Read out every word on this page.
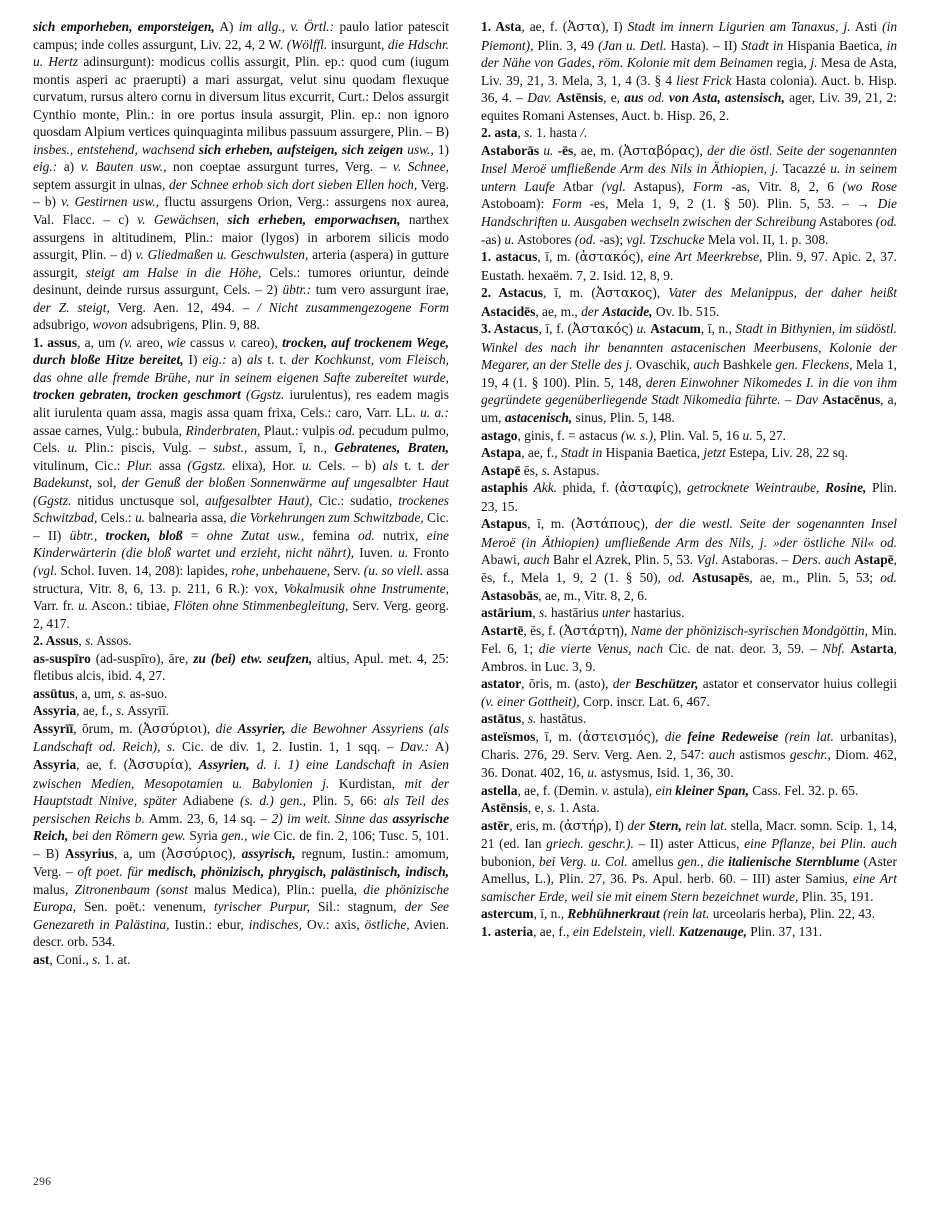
sich emporheben, emporsteigen, A) im allg., v. Örtl.: paulo latior patescit campus; inde colles assurgunt, Liv. 22, 4, 2 W. (Wölffl. insurgunt, die Hdschr. u. Hertz adinsurgunt): modicus collis assurgit, Plin. ep.: quod cum (iugum montis asperi ac praerupti) a mari assurgat, velut sinu quodam flexuque curvatum, rursus altero cornu in diversum litus excurrit, Curt.: Delos assurgit Cynthio monte, Plin.: in ore portus insula assurgit, Plin. ep.: non ignoro quosdam Alpium vertices quinquaginta milibus passuum assurgere, Plin. – B) insbes., entstehend, wachsend sich erheben, aufsteigen, sich zeigen usw., 1) eig.: a) v. Bauten usw., non coeptae assurgunt turres, Verg. – v. Schnee, septem assurgit in ulnas, der Schnee erhob sich dort sieben Ellen hoch, Verg. – b) v. Gestirnen usw., fluctu assurgens Orion, Verg.: assurgens nox aurea, Val. Flacc. – c) v. Gewächsen, sich erheben, emporwachsen, narthex assurgens in altitudinem, Plin.: maior (lygos) in arborem silicis modo assurgit, Plin. – d) v. Gliedmaßen u. Geschwulsten, arteria (aspera) in gutture assurgit, steigt am Halse in die Höhe, Cels.: tumores oriuntur, deinde desinunt, deinde rursus assurgunt, Cels. – 2) übtr.: tum vero assurgunt irae, der Z. steigt, Verg. Aen. 12, 494. – / Nicht zusammengezogene Form adsubrigo, wovon adsubrigens, Plin. 9, 88.

1. assus, a, um (v. areo, wie cassus v. careo), trocken, auf trockenem Wege, durch bloße Hitze bereitet, I) eig.: a) als t. t. der Kochkunst, vom Fleisch, das ohne alle fremde Brühe, nur in seinem eigenen Safte zubereitet wurde, trocken gebraten, trocken geschmort (Ggstz. iurulentus), res eadem magis alit iurulenta quam assa, magis assa quam frixa, Cels.: caro, Varr. LL. u. a.: assae carnes, Vulg.: bubula, Rinderbraten, Plaut.: vulpis od. pecudum pulmo, Cels. u. Plin.: piscis, Vulg. – subst., assum, ī, n., Gebratenes, Braten, vitulinum, Cic.: Plur. assa (Ggstz. elixa), Hor. u. Cels. – b) als t. t. der Badekunst, sol, der Genuß der bloßen Sonnenwärme auf ungesalbter Haut (Ggstz. nitidus unctusque sol, aufgesalbter Haut), Cic.: sudatio, trockenes Schwitzbad, Cels.: u. balnearia assa, die Vorkehrungen zum Schwitzbade, Cic. – II) übtr., trocken, bloß = ohne Zutat usw., femina od. nutrix, eine Kinderwärterin (die bloß wartet und erzieht, nicht nährt), Iuven. u. Fronto (vgl. Schol. Iuven. 14, 208): lapides, rohe, unbehauene, Serv. (u. so viell. assa structura, Vitr. 8, 6, 13. p. 211, 6 R.): vox, Vokalmusik ohne Instrumente, Varr. fr. u. Ascon.: tibiae, Flöten ohne Stimmenbegleitung, Serv. Verg. georg. 2, 417.

2. Assus, s. Assos.

as-suspīro (ad-suspīro), āre, zu (bei) etw. seufzen, altius, Apul. met. 4, 25: fletibus alcis, ibid. 4, 27.

assūtus, a, um, s. as-suo.

Assyria, ae, f., s. Assyrīī.

Assyrīī, ōrum, m. (Ἀσσύριοι), die Assyrier, die Bewohner Assyriens (als Landschaft od. Reich), s. Cic. de div. 1, 2. Iustin. 1, 1 sqq. – Dav.: A) Assyria, ae, f. (Ἀσσυρία), Assyrien, d. i. 1) eine Landschaft in Asien zwischen Medien, Mesopotamien u. Babylonien j. Kurdistan, mit der Hauptstadt Ninive, später Adiabene (s. d.) gen., Plin. 5, 66: als Teil des persischen Reichs b. Amm. 23, 6, 14 sq. – 2) im weit. Sinne das assyrische Reich, bei den Römern gew. Syria gen., wie Cic. de fin. 2, 106; Tusc. 5, 101. – B) Assyrius, a, um (Ἀσσύριος), assyrisch, regnum, Iustin.: amomum, Verg. – oft poet. für medisch, phönizisch, phrygisch, palästinisch, indisch, malus, Zitronenbaum (sonst malus Medica), Plin.: puella, die phönizische Europa, Sen. poët.: venenum, tyrischer Purpur, Sil.: stagnum, der See Genezareth in Palästina, Iustin.: ebur, indisches, Ov.: axis, östliche, Avien. descr. orb. 534.

ast, Coni., s. 1. at.

1. Asta, ae, f. (Ἀστα), I) Stadt im innern Ligurien am Tanaxus, j. Asti (in Piemont), Plin. 3, 49 (Jan u. Detl. Hasta). – II) Stadt in Hispania Baetica, in der Nähe von Gades, röm. Kolonie mit dem Beinamen regia, j. Mesa de Asta, Liv. 39, 21, 3. Mela, 3, 1, 4 (3. § 4 liest Frick Hasta colonia). Auct. b. Hisp. 36, 4. – Dav. Astēnsis, e, aus od. von Asta, astensisch, ager, Liv. 39, 21, 2: equites Romani Astenses, Auct. b. Hisp. 26, 2.

2. asta, s. 1. hasta /.

Astaborās u. -ēs, ae, m. (Ἀσταβόρας), der die östl. Seite der sogenannten Insel Meroë umfließende Arm des Nils in Äthiopien, j. Tacazzé u. in seinem untern Laufe Atbar (vgl. Astapus), Form -as, Vitr. 8, 2, 6 (wo Rose Astoboam): Form -es, Mela 1, 9, 2 (1. § 50). Plin. 5, 53. – → Die Handschriften u. Ausgaben wechseln zwischen der Schreibung Astabores (od. -as) u. Astobores (od. -as); vgl. Tzschucke Mela vol. II, 1. p. 308.

1. astacus, ī, m. (ἀστακός), eine Art Meerkrebse, Plin. 9, 97. Apic. 2, 37. Eustath. hexaëm. 7, 2. Isid. 12, 8, 9.

2. Astacus, ī, m. (Ἀστακος), Vater des Melanippus, der daher heißt Astacidēs, ae, m., der Astacide, Ov. Ib. 515.

3. Astacus, ī, f. (Ἀστακός) u. Astacum, ī, n., Stadt in Bithynien, im südöstl. Winkel des nach ihr benannten astacenischen Meerbusens, Kolonie der Megarer, an der Stelle des j. Ovaschik, auch Bashkele gen. Fleckens, Mela 1, 19, 4 (1. § 100). Plin. 5, 148, deren Einwohner Nikomedes I. in die von ihm gegründete gegenüberliegende Stadt Nikomedia führte. – Dav Astacēnus, a, um, astacenisch, sinus, Plin. 5, 148.

astago, ginis, f. = astacus (w. s.), Plin. Val. 5, 16 u. 5, 27.

Astapa, ae, f., Stadt in Hispania Baetica, jetzt Estepa, Liv. 28, 22 sq.

Astapē ēs, s. Astapus.

astaphis Akk. phida, f. (ἀσταφίς), getrocknete Weintraube, Rosine, Plin. 23, 15.

Astapus, ī, m. (Ἀστάπους), der die westl. Seite der sogenannten Insel Meroë (in Äthiopien) umfließende Arm des Nils, j. »der östliche Nil« od. Abawi, auch Bahr el Azrek, Plin. 5, 53. Vgl. Astaboras. – Ders. auch Astapē, ēs, f., Mela 1, 9, 2 (1. § 50), od. Astusapēs, ae, m., Plin. 5, 53; od. Astasobās, ae, m., Vitr. 8, 2, 6.

astārium, s. hastārius unter hastarius.

Astartē, ēs, f. (Ἀστάρτη), Name der phönizisch-syrischen Mondgöttin, Min. Fel. 6, 1; die vierte Venus, nach Cic. de nat. deor. 3, 59. – Nbf. Astarta, Ambros. in Luc. 3, 9.

astator, ōris, m. (asto), der Beschützer, astator et conservator huius collegii (v. einer Gottheit), Corp. inscr. Lat. 6, 467.

astātus, s. hastātus.

asteïsmos, ī, m. (ἀστεισμός), die feine Redeweise (rein lat. urbanitas), Charis. 276, 29. Serv. Verg. Aen. 2, 547: auch astismos geschr., Diom. 462, 36. Donat. 402, 16, u. astysmus, Isid. 1, 36, 30.

astella, ae, f. (Demin. v. astula), ein kleiner Span, Cass. Fel. 32. p. 65.

Astēnsis, e, s. 1. Asta.

astēr, eris, m. (ἀστήρ), I) der Stern, rein lat. stella, Macr. somn. Scip. 1, 14, 21 (ed. Ian griech. geschr.). – II) aster Atticus, eine Pflanze, bei Plin. auch bubonion, bei Verg. u. Col. amellus gen., die italienische Sternblume (Aster Amellus, L.), Plin. 27, 36. Ps. Apul. herb. 60. – III) aster Samius, eine Art samischer Erde, weil sie mit einem Stern bezeichnet wurde, Plin. 35, 191.

astercum, ī, n., Rebhühnerkraut (rein lat. urceolaris herba), Plin. 22, 43.

1. asteria, ae, f., ein Edelstein, viell. Katzenauge, Plin. 37, 131.

296
